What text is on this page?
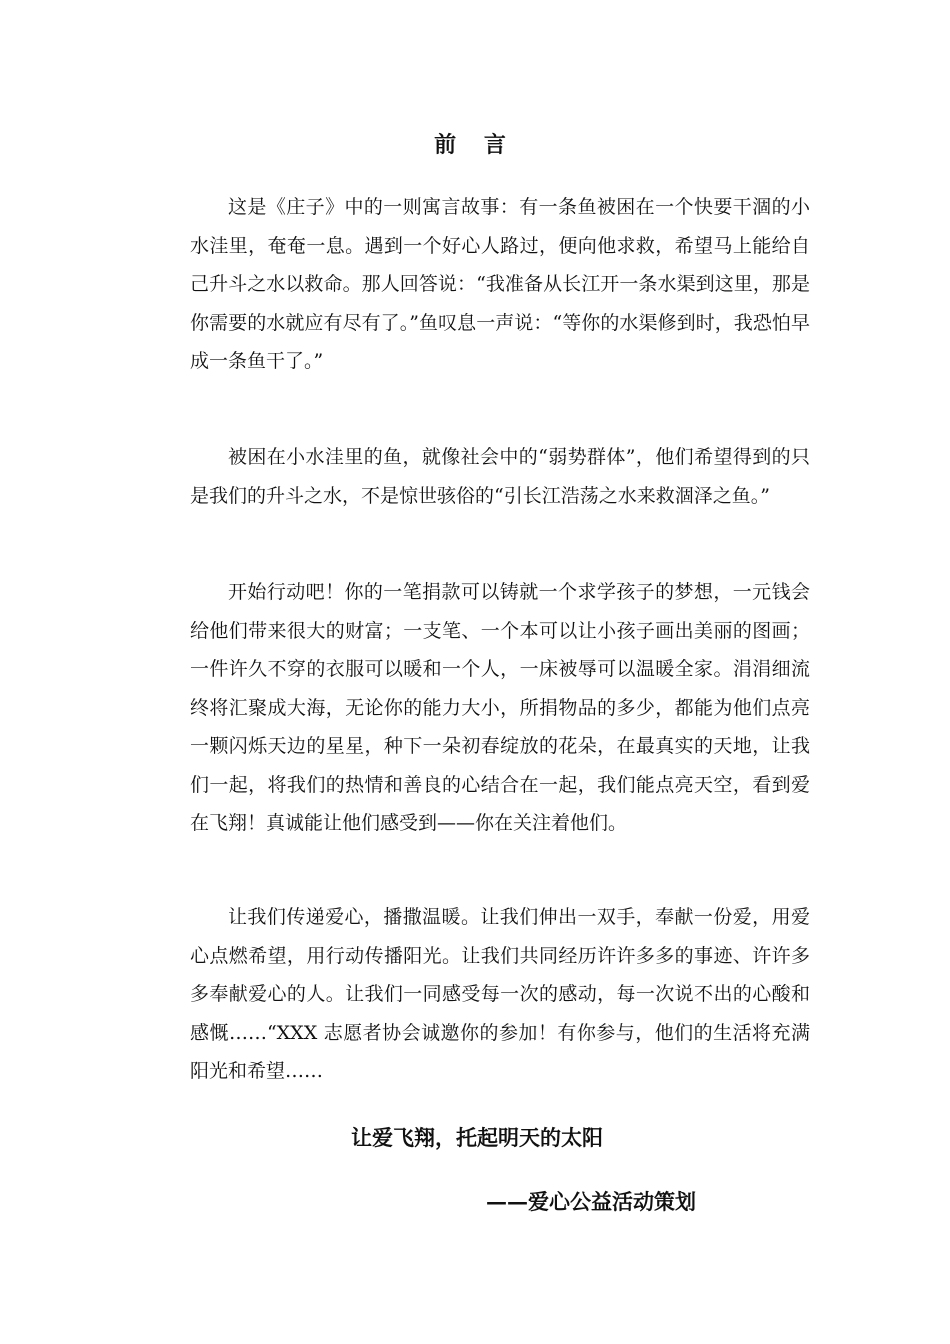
前 言

这是《庄子》中的一则寓言故事：有一条鱼被困在一个快要干涸的小水洼里，奄奄一息。遇到一个好心人路过，便向他求救，希望马上能给自己升斗之水以救命。那人回答说：“我准备从长江开一条水渠到这里，那是你需要的水就应有尽有了。”鱼叹息一声说：“等你的水渠修到时，我恐怕早成一条鱼干了。”

被困在小水洼里的鱼，就像社会中的“弱势群体”，他们希望得到的只是我们的升斗之水，不是惊世骇俗的“引长江浩荡之水来救涸泽之鱼。”

开始行动吧！你的一笔捐款可以铸就一个求学孩子的梦想，一元钱会给他们带来很大的财富；一支笔、一个本可以让小孩子画出美丽的图画；一件许久不穿的衣服可以暖和一个人，一床被辱可以温暖全家。涓涓细流终将汇聚成大海，无论你的能力大小，所捐物品的多少，都能为他们点亮一颗闪烁天边的星星，种下一朵初春绽放的花朵，在最真实的天地，让我们一起，将我们的热情和善良的心结合在一起，我们能点亮天空，看到爱在飞翔！真诚能让他们感受到——你在关注着他们。

让我们传递爱心，播撒温暖。让我们伸出一双手，奉献一份爱，用爱心点燃希望，用行动传播阳光。让我们共同经历许许多多的事迹、许许多多奉献爱心的人。让我们一同感受每一次的感动，每一次说不出的心酸和感慨……“XXX 志愿者协会诚邀你的参加！有你参与，他们的生活将充满阳光和希望……

让爱飞翔，托起明天的太阳
——爱心公益活动策划
